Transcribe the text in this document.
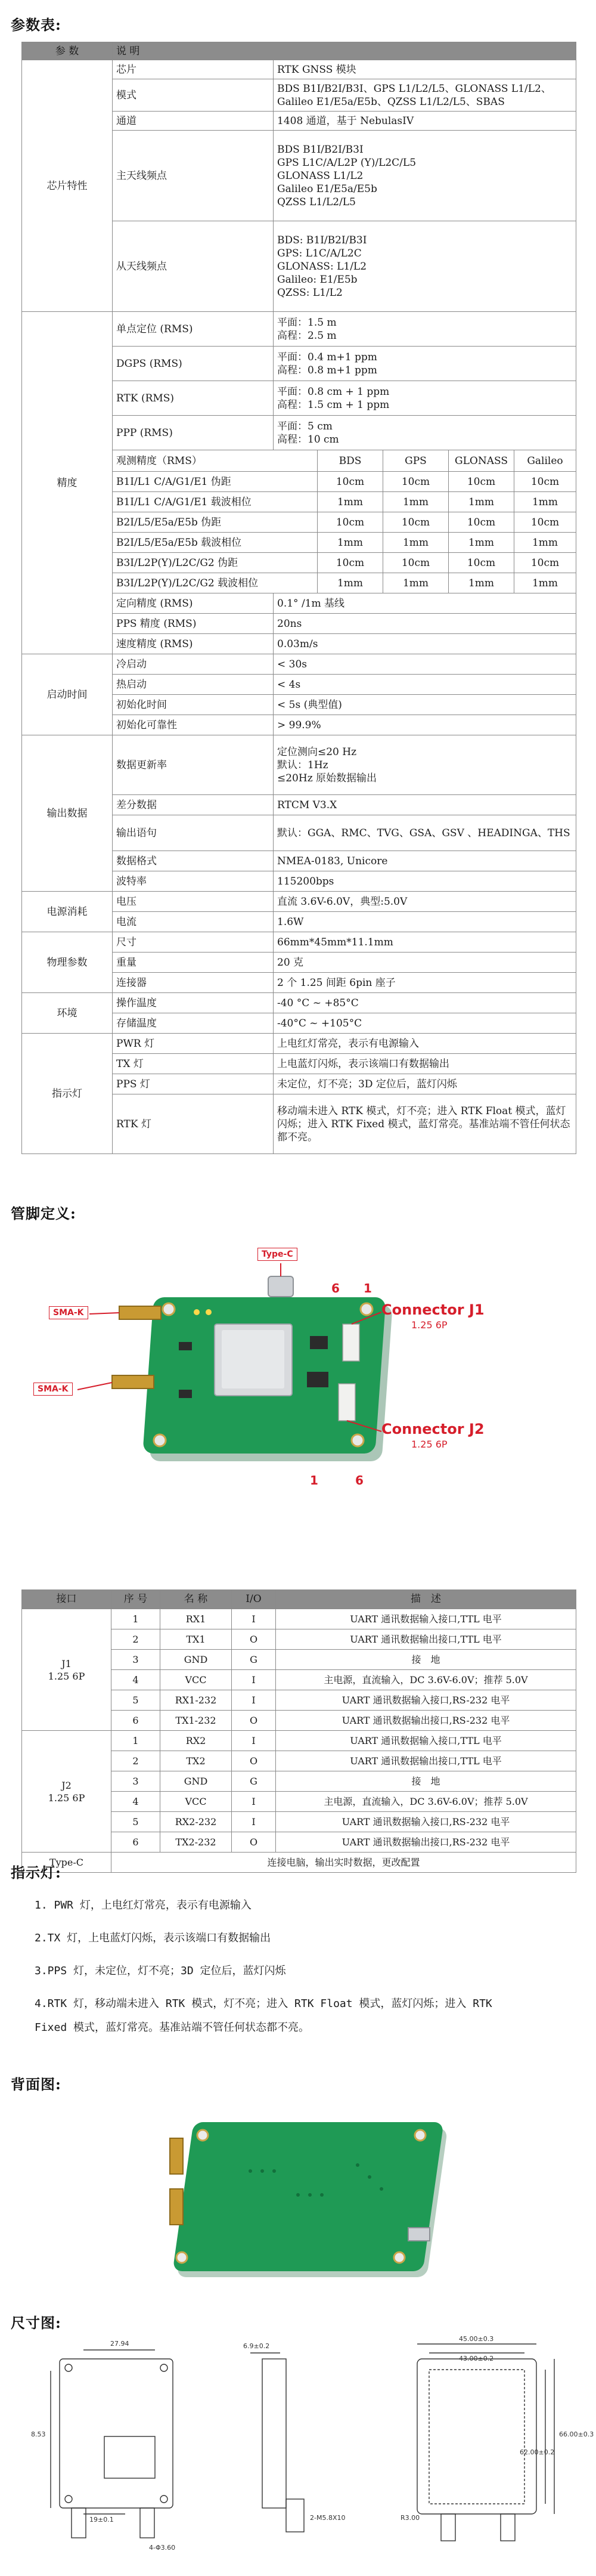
参数表:
参 数	说 明					
芯片特性	芯片	RTK GNSS 模块				
	模式	BDS B1I/B2I/B3I、GPS L1/L2/L5、GLONASS L1/L2、Galileo E1/E5a/E5b、QZSS L1/L2/L5、SBAS				
	通道	1408 通道，基于 NebulasIV				
	主天线频点	BDS B1I/B2I/B3I
GPS L1C/A/L2P (Y)/L2C/L5
GLONASS L1/L2
Galileo E1/E5a/E5b
QZSS L1/L2/L5				
	从天线频点	BDS: B1I/B2I/B3I
GPS: L1C/A/L2C
GLONASS: L1/L2
Galileo: E1/E5b
QZSS: L1/L2				
精度	单点定位 (RMS)	平面：1.5 m
高程：2.5 m				
	DGPS (RMS)	平面：0.4 m+1 ppm
高程：0.8 m+1 ppm				
	RTK (RMS)	平面：0.8 cm + 1 ppm
高程：1.5 cm + 1 ppm				
	PPP (RMS)	平面：5 cm
高程：10 cm				
	观测精度（RMS）		BDS	GPS	GLONASS	Galileo
	B1I/L1 C/A/G1/E1 伪距		10cm	10cm	10cm	10cm
	B1I/L1 C/A/G1/E1 载波相位		1mm	1mm	1mm	1mm
	B2I/L5/E5a/E5b 伪距		10cm	10cm	10cm	10cm
	B2I/L5/E5a/E5b 载波相位		1mm	1mm	1mm	1mm
	B3I/L2P(Y)/L2C/G2 伪距		10cm	10cm	10cm	10cm
	B3I/L2P(Y)/L2C/G2 载波相位		1mm	1mm	1mm	1mm
	定向精度 (RMS)	0.1° /1m 基线				
	PPS 精度 (RMS)	20ns				
	速度精度 (RMS)	0.03m/s				
启动时间	冷启动	< 30s				
	热启动	< 4s				
	初始化时间	< 5s (典型值)				
	初始化可靠性	> 99.9%				
输出数据	数据更新率	定位测向≤20 Hz
默认：1Hz
≤20Hz 原始数据输出				
	差分数据	RTCM V3.X				
	输出语句	默认：GGA、RMC、TVG、GSA、GSV 、HEADINGA、THS				
	数据格式	NMEA-0183, Unicore				
	波特率	115200bps				
电源消耗	电压	直流 3.6V-6.0V，典型:5.0V				
	电流	1.6W				
物理参数	尺寸	66mm*45mm*11.1mm				
	重量	20 克				
	连接器	2 个 1.25 间距 6pin 座子				
环境	操作温度	-40 °C ~ +85°C				
	存储温度	-40°C ~ +105°C				
指示灯	PWR 灯	上电红灯常亮，表示有电源输入				
	TX 灯	上电蓝灯闪烁，表示该端口有数据输出				
	PPS 灯	未定位，灯不亮；3D 定位后，蓝灯闪烁				
	RTK 灯	移动端未进入 RTK 模式，灯不亮；进入 RTK Float 模式，蓝灯闪烁；进入 RTK Fixed 模式，蓝灯常亮。基准站端不管任何状态都不亮。				
管脚定义:
Type-C
SMA-K
SMA-K
Connector J1
1.25 6P
Connector J2
1.25 6P
6 1
1	6
接口	序 号	名 称	I/O	描　述
J1
1.25 6P	1	RX1	I	UART 通讯数据输入接口,TTL 电平
	2	TX1	O	UART 通讯数据输出接口,TTL 电平
	3	GND	G	接　地
	4	VCC	I	主电源，直流输入，DC 3.6V-6.0V；推荐 5.0V
	5	RX1-232	I	UART 通讯数据输入接口,RS-232 电平
	6	TX1-232	O	UART 通讯数据输出接口,RS-232 电平
J2
1.25 6P	1	RX2	I	UART 通讯数据输入接口,TTL 电平
	2	TX2	O	UART 通讯数据输出接口,TTL 电平
	3	GND	G	接　地
	4	VCC	I	主电源，直流输入，DC 3.6V-6.0V；推荐 5.0V
	5	RX2-232	I	UART 通讯数据输入接口,RS-232 电平
	6	TX2-232	O	UART 通讯数据输出接口,RS-232 电平
Type-C	连接电脑，输出实时数据，更改配置			
指示灯:
1. PWR 灯，上电红灯常亮，表示有电源输入
2.TX 灯，上电蓝灯闪烁，表示该端口有数据输出
3.PPS 灯，未定位，灯不亮；3D 定位后，蓝灯闪烁
4.RTK 灯，移动端未进入 RTK 模式，灯不亮；进入 RTK Float 模式，蓝灯闪烁；进入 RTK
Fixed 模式，蓝灯常亮。基准站端不管任何状态都不亮。
背面图:
尺寸图:
27.94
8.53
19±0.1
4-Φ3.60
6.9±0.2
2-M5.8X10
45.00±0.3
43.00±0.2
66.00±0.3
62.00±0.2
R3.00
